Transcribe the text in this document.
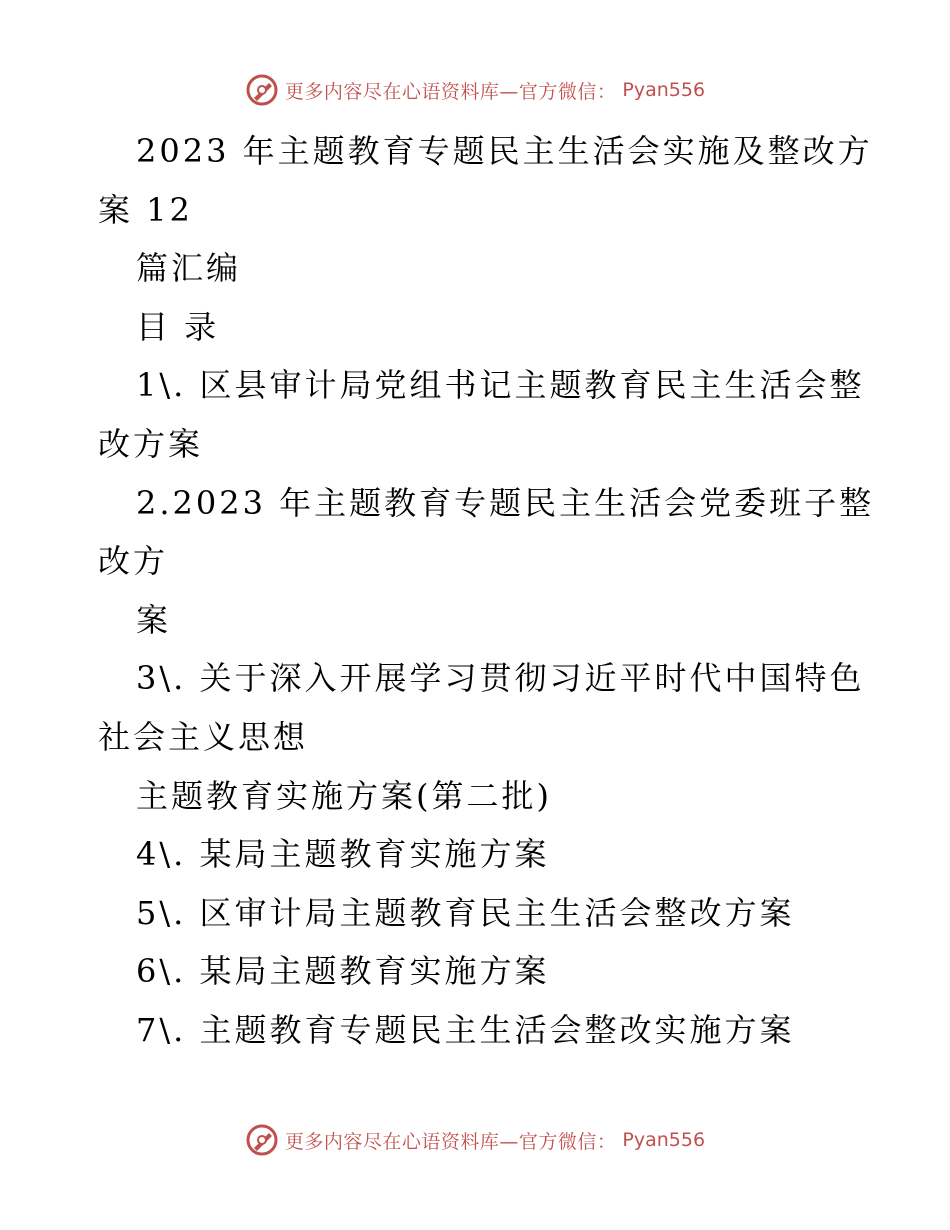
更多内容尽在心语资料库—官方微信： Pyan556
2023 年主题教育专题民主生活会实施及整改方
案 12
篇汇编
目 录
1\. 区县审计局党组书记主题教育民主生活会整
改方案
2.2023 年主题教育专题民主生活会党委班子整
改方
案
3\. 关于深入开展学习贯彻习近平时代中国特色
社会主义思想
主题教育实施方案(第二批)
4\. 某局主题教育实施方案
5\. 区审计局主题教育民主生活会整改方案
6\. 某局主题教育实施方案
7\. 主题教育专题民主生活会整改实施方案
更多内容尽在心语资料库—官方微信： Pyan556
